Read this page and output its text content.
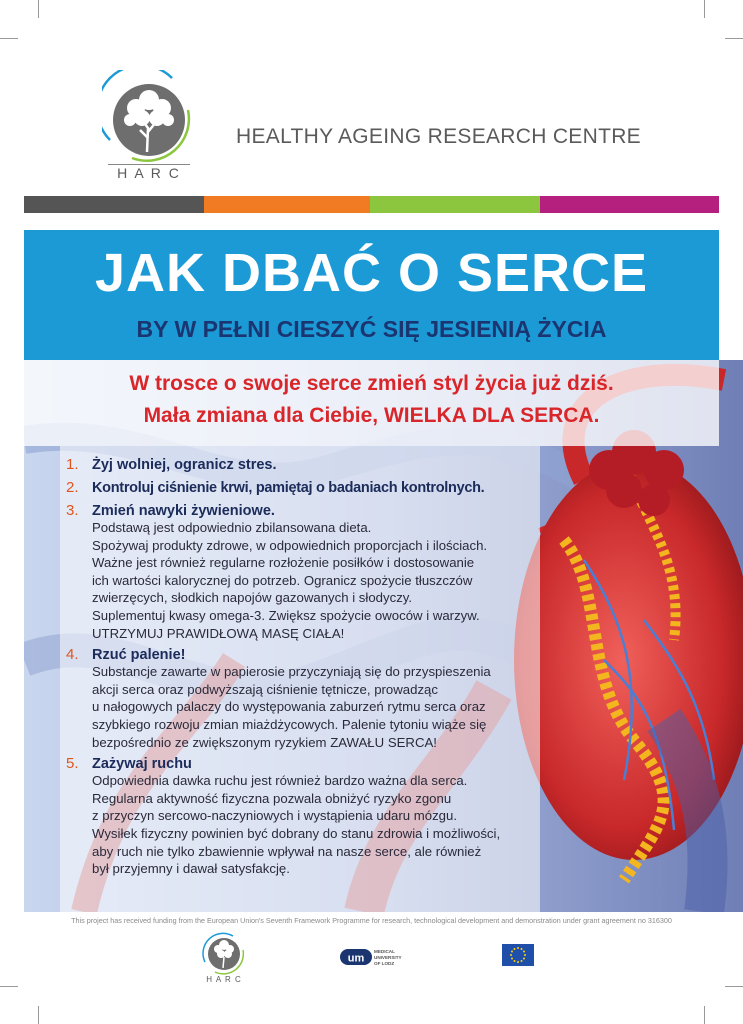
H A R C
HEALTHY AGEING RESEARCH CENTRE
JAK DBAĆ O SERCE
BY W PEŁNI CIESZYĆ SIĘ JESIENIĄ ŻYCIA
W trosce o swoje serce zmień styl życia już dziś.
Mała zmiana dla Ciebie, WIELKA DLA SERCA.
1. Żyj wolniej, ogranicz stres.
2. Kontroluj ciśnienie krwi, pamiętaj o badaniach kontrolnych.
3. Zmień nawyki żywieniowe.
Podstawą jest odpowiednio zbilansowana dieta.
Spożywaj produkty zdrowe, w odpowiednich proporcjach i ilościach.
Ważne jest również regularne rozłożenie posiłków i dostosowanie
ich wartości kalorycznej do potrzeb. Ogranicz spożycie tłuszczów
zwierzęcych, słodkich napojów gazowanych i słodyczy.
Suplementuj kwasy omega-3. Zwiększ spożycie owoców i warzyw.
UTRZYMUJ PRAWIDŁOWĄ MASĘ CIAŁA!
4. Rzuć palenie!
Substancje zawarte w papierosie przyczyniają się do przyspieszenia
akcji serca oraz podwyższają ciśnienie tętnicze, prowadząc
u nałogowych palaczy do występowania zaburzeń rytmu serca oraz
szybkiego rozwoju zmian miażdżycowych. Palenie tytoniu wiąże się
bezpośrednio ze zwiększonym ryzykiem ZAWAŁU SERCA!
5. Zażywaj ruchu
Odpowiednia dawka ruchu jest również bardzo ważna dla serca.
Regularna aktywność fizyczna pozwala obniżyć ryzyko zgonu
z przyczyn sercowo-naczyniowych i wystąpienia udaru mózgu.
Wysiłek fizyczny powinien być dobrany do stanu zdrowia i możliwości,
aby ruch nie tylko zbawiennie wpływał na nasze serce, ale również
był przyjemny i dawał satysfakcję.
This project has received funding from the European Union's Seventh Framework Programme for research, technological development and demonstration under grant agreement no 316300
H A R C
um
MEDICAL
UNIVERSITY
OF LODZ
